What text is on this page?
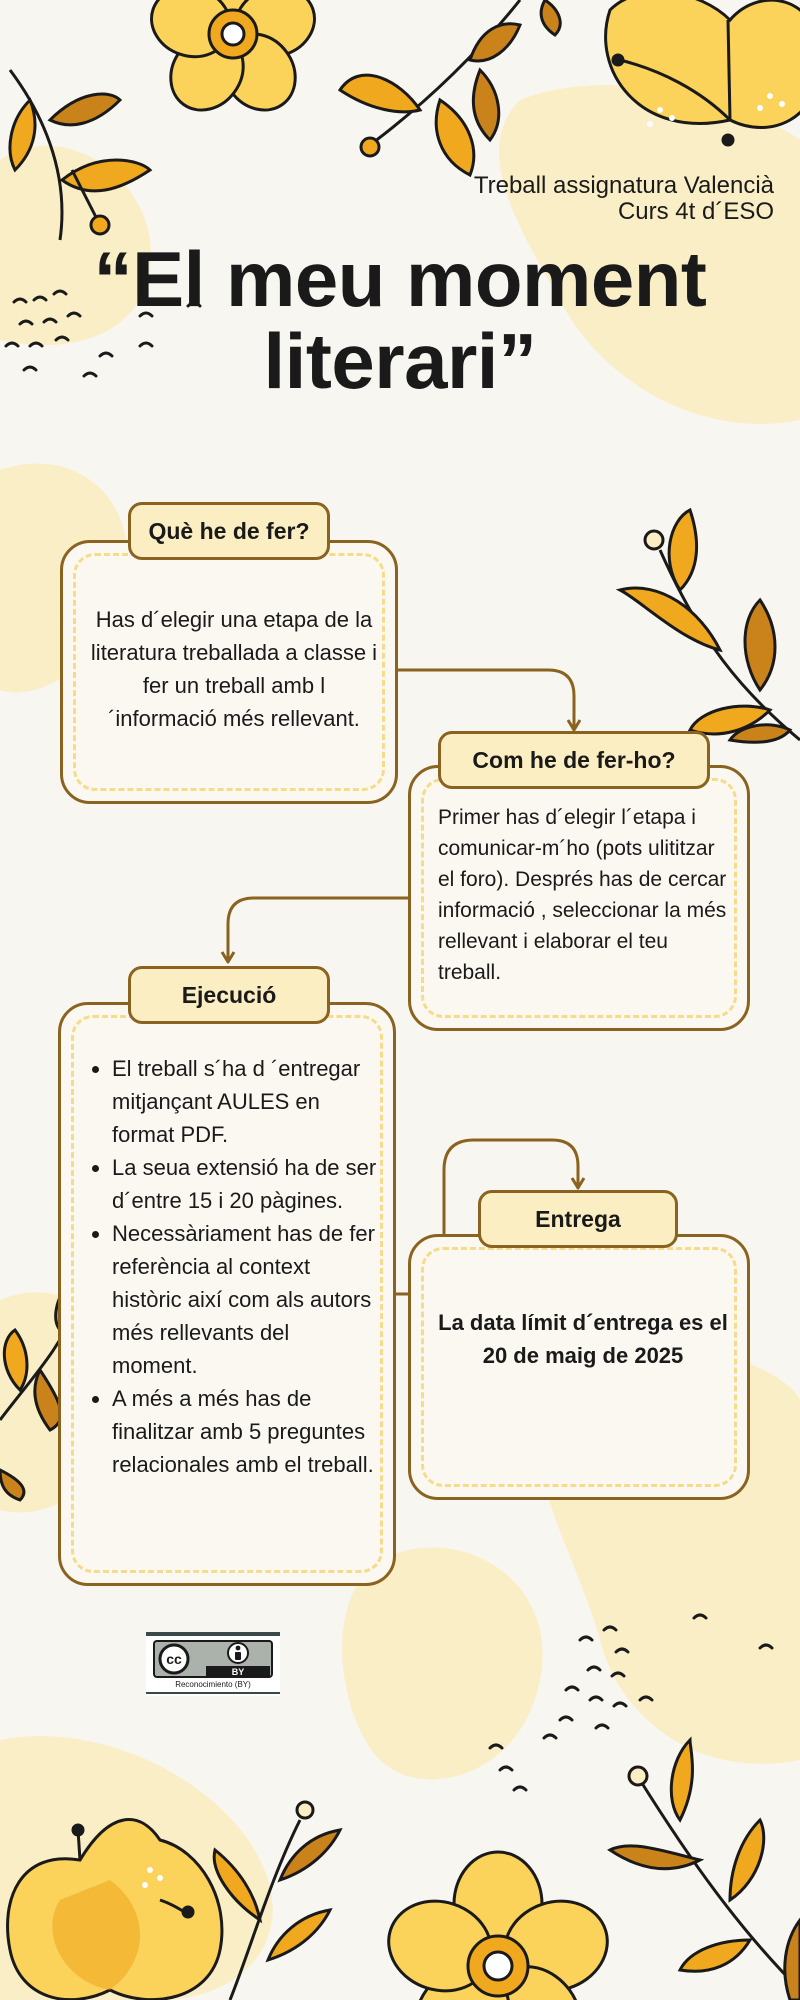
Treball assignatura Valencià
Curs 4t d´ESO
“El meu moment
literari”
Què he de fer?
Has d´elegir una etapa de la literatura treballada a classe i fer un treball amb l´informació més rellevant.
Com he de fer-ho?
Primer has d´elegir l´etapa i comunicar-m´ho (pots ulititzar el foro). Després has de cercar informació , seleccionar la més rellevant i elaborar el teu treball.
Ejecució
• El treball s´ha d ´entregar mitjançant AULES en format PDF.
• La seua extensió ha de ser d´entre 15 i 20 pàgines.
• Necessàriament has de fer referència al context històric així com als autors més rellevants del moment.
• A més a més has de finalitzar amb 5 preguntes relacionales amb el treball.
Entrega
La data límit d´entrega es el 20 de maig de 2025
cc
BY
Reconocimiento (BY)
